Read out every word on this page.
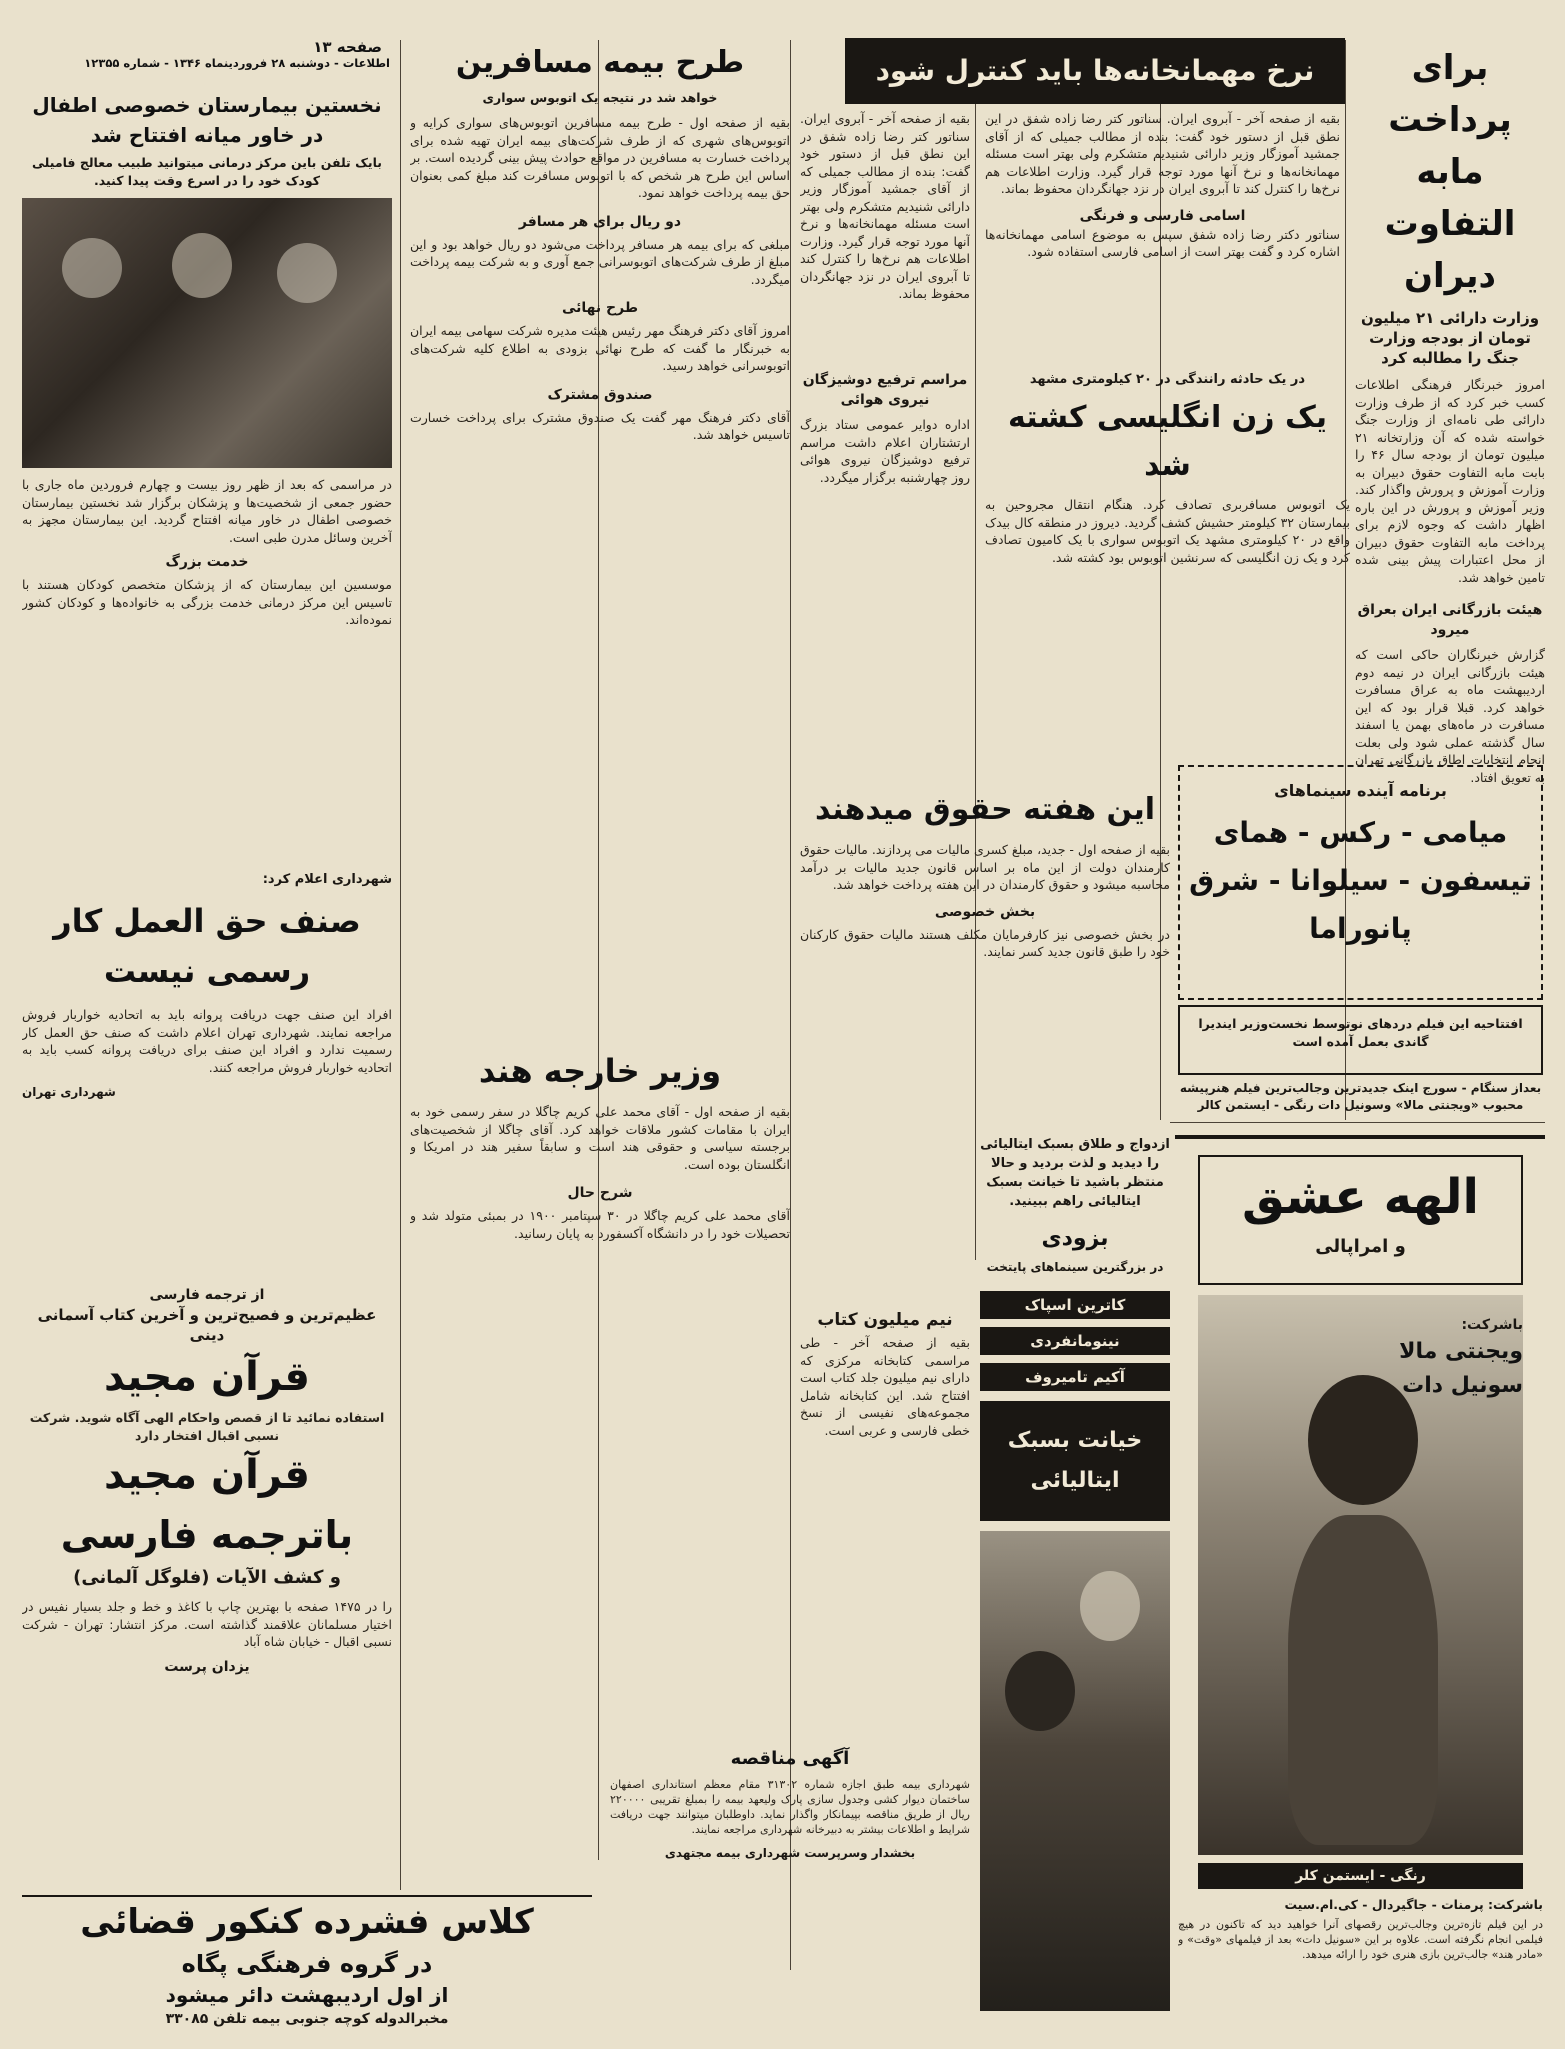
صفحه ۱۳
اطلاعات - دوشنبه ۲۸ فروردینماه ۱۳۴۶ - شماره ۱۲۳۵۵	برای پرداخت مابه التفاوت دیران
وزارت دارائی ۲۱ میلیون تومان از بودجه وزارت جنگ را مطالبه کرد
امروز خبرنگار فرهنگی اطلاعات کسب خبر کرد که از طرف وزارت دارائی طی نامه‌ای از وزارت جنگ خواسته شده که آن وزارتخانه ۲۱ میلیون تومان از بودجه سال ۴۶ را بابت مابه التفاوت حقوق دبیران به وزارت آموزش و پرورش واگذار کند. وزیر آموزش و پرورش در این باره اظهار داشت که وجوه لازم برای پرداخت مابه التفاوت حقوق دبیران از محل اعتبارات پیش بینی شده تامین خواهد شد.
هیئت بازرگانی ایران بعراق میرود
گزارش خبرنگاران حاکی است که هیئت بازرگانی ایران در نیمه دوم اردیبهشت ماه به عراق مسافرت خواهد کرد. قبلا قرار بود که این مسافرت در ماه‌های بهمن یا اسفند سال گذشته عملی شود ولی بعلت انجام انتخابات اطاق بازرگانی تهران به تعویق افتاد.
نرخ مهمانخانه‌ها باید کنترل شود
بقیه از صفحه آخر - آبروی ایران. سناتور کتر رضا زاده شفق در این نطق قبل از دستور خود گفت: بنده از مطالب جمیلی که از آقای جمشید آموزگار وزیر دارائی شنیدیم متشکرم ولی بهتر است مسئله مهمانخانه‌ها و نرخ آنها مورد توجه قرار گیرد. وزارت اطلاعات هم نرخ‌ها را کنترل کند تا آبروی ایران در نزد جهانگردان محفوظ بماند.
اسامی فارسی و فرنگی
سناتور دکتر رضا زاده شفق سپس به موضوع اسامی مهمانخانه‌ها اشاره کرد و گفت بهتر است از اسامی فارسی استفاده شود.
در یک حادثه رانندگی در ۲۰ کیلومتری مشهد
یک زن انگلیسی کشته شد
یک اتوبوس مسافربری تصادف کرد. هنگام انتقال مجروحین به بیمارستان ۳۲ کیلومتر حشیش کشف گردید. دیروز در منطقه کال بیدک واقع در ۲۰ کیلومتری مشهد یک اتوبوس سواری با یک کامیون تصادف کرد و یک زن انگلیسی که سرنشین اتوبوس بود کشته شد.
مراسم ترفیع دوشیزگان نیروی هوائی
اداره دوایر عمومی ستاد بزرگ ارتشتاران اعلام داشت مراسم ترفیع دوشیزگان نیروی هوائی روز چهارشنبه برگزار میگردد.
بقیه از صفحه آخر - آبروی ایران. سناتور کتر رضا زاده شفق در این نطق قبل از دستور خود گفت: بنده از مطالب جمیلی که از آقای جمشید آموزگار وزیر دارائی شنیدیم متشکرم ولی بهتر است مسئله مهمانخانه‌ها و نرخ آنها مورد توجه قرار گیرد. وزارت اطلاعات هم نرخ‌ها را کنترل کند تا آبروی ایران در نزد جهانگردان محفوظ بماند.
این هفته حقوق میدهند
بقیه از صفحه اول - جدید، مبلغ کسری مالیات می پردازند. مالیات حقوق کارمندان دولت از این ماه بر اساس قانون جدید مالیات بر درآمد محاسبه میشود و حقوق کارمندان در این هفته پرداخت خواهد شد.
بخش خصوصی
در بخش خصوصی نیز کارفرمایان مکلف هستند مالیات حقوق کارکنان خود را طبق قانون جدید کسر نمایند.
طرح بیمه مسافرین
خواهد شد در نتیجه یک اتوبوس سواری
بقیه از صفحه اول - طرح بیمه مسافرین اتوبوس‌های سواری کرایه و اتوبوس‌های شهری که از طرف شرکت‌های بیمه ایران تهیه شده برای پرداخت خسارت به مسافرین در مواقع حوادث پیش بینی گردیده است. بر اساس این طرح هر شخص که با اتوبوس مسافرت کند مبلغ کمی بعنوان حق بیمه پرداخت خواهد نمود.
دو ریال برای هر مسافر
مبلغی که برای بیمه هر مسافر پرداخت می‌شود دو ریال خواهد بود و این مبلغ از طرف شرکت‌های اتوبوسرانی جمع آوری و به شرکت بیمه پرداخت میگردد.
طرح نهائی
امروز آقای دکتر فرهنگ مهر رئیس هیئت مدیره شرکت سهامی بیمه ایران به خبرنگار ما گفت که طرح نهائی بزودی به اطلاع کلیه شرکت‌های اتوبوسرانی خواهد رسید.
صندوق مشترک
آقای دکتر فرهنگ مهر گفت یک صندوق مشترک برای پرداخت خسارت تاسیس خواهد شد.
وزیر خارجه هند
بقیه از صفحه اول - آقای محمد علی کریم چاگلا در سفر رسمی خود به ایران با مقامات کشور ملاقات خواهد کرد. آقای چاگلا از شخصیت‌های برجسته سیاسی و حقوقی هند است و سابقاً سفیر هند در امریکا و انگلستان بوده است.
شرح حال
آقای محمد علی کریم چاگلا در ۳۰ سپتامبر ۱۹۰۰ در بمبئی متولد شد و تحصیلات خود را در دانشگاه آکسفورد به پایان رسانید.
نیم میلیون کتاب
بقیه از صفحه آخر - طی مراسمی کتابخانه مرکزی که دارای نیم میلیون جلد کتاب است افتتاح شد. این کتابخانه شامل مجموعه‌های نفیسی از نسخ خطی فارسی و عربی است.
آگهی مناقصه
شهرداری بیمه طبق اجازه شماره ۳۱۳۰۲ مقام معظم استانداری اصفهان ساختمان دیوار کشی وجدول سازی پارک ولیعهد بیمه را بمبلغ تقریبی ۲۲۰۰۰۰ ریال از طریق مناقصه بپیمانکار واگذار نماید. داوطلبان میتوانند جهت دریافت شرایط و اطلاعات بیشتر به دبیرخانه شهرداری مراجعه نمایند.
بخشدار وسرپرست شهرداری بیمه مجتهدی
نخستین بیمارستان خصوصی اطفال در خاور میانه افتتاح شد
بایک تلفن باین مرکز درمانی میتوانید طبیب معالج فامیلی کودک خود را در اسرع وقت پیدا کنید.
در مراسمی که بعد از ظهر روز بیست و چهارم فروردین ماه جاری با حضور جمعی از شخصیت‌ها و پزشکان برگزار شد نخستین بیمارستان خصوصی اطفال در خاور میانه افتتاح گردید. این بیمارستان مجهز به آخرین وسائل مدرن طبی است.
خدمت بزرگ
موسسین این بیمارستان که از پزشکان متخصص کودکان هستند با تاسیس این مرکز درمانی خدمت بزرگی به خانواده‌ها و کودکان کشور نموده‌اند.
شهرداری اعلام کرد:
صنف حق العمل کار رسمی نیست
افراد این صنف جهت دریافت پروانه باید به اتحادیه خواربار فروش مراجعه نمایند. شهرداری تهران اعلام داشت که صنف حق العمل کار رسمیت ندارد و افراد این صنف برای دریافت پروانه کسب باید به اتحادیه خواربار فروش مراجعه کنند.
شهرداری تهران
از ترجمه فارسی
عظیم‌ترین و فصیح‌ترین و آخرین کتاب آسمانی دینی
قرآن مجید
استفاده نمائید تا از قصص واحکام الهی آگاه شوید. شرکت نسبی اقبال افتخار دارد
قرآن مجید
باترجمه فارسی
و کشف الآیات (فلوگل آلمانی)
را در ۱۴۷۵ صفحه با بهترین چاپ با کاغذ و خط و جلد بسیار نفیس در اختیار مسلمانان علاقمند گذاشته است. مرکز انتشار: تهران - شرکت نسبی اقبال - خیابان شاه آباد
یزدان پرست
کلاس فشرده کنکور قضائی
در گروه فرهنگی پگاه
از اول اردیبهشت دائر میشود
مخبرالدوله کوچه جنوبی بیمه تلفن ۳۳۰۸۵
برنامه آینده سینماهای
میامی - رکس - همای
تیسفون - سیلوانا - شرق
پانوراما
افتتاحیه این فیلم دردهای نوتوسط نخست‌وزیر ایندیرا گاندی بعمل آمده است
بعداز سنگام - سورج اینک جدیدترین وجالب‌ترین فیلم هنرپیشه محبوب «ویجنتی مالا» وسونیل دات رنگی - ایستمن کالر
الهه عشق
و امراپالی
باشرکت:
ویجنتی مالا
سونیل دات
رنگی - ایستمن کلر
باشرکت: پرمنات - جاگیردال - کی.ام.سیت
در این فیلم تازه‌ترین وجالب‌ترین رقصهای آنرا خواهید دید که تاکنون در هیچ فیلمی انجام نگرفته است. علاوه بر این «سونیل دات» بعد از فیلمهای «وقت» و «مادر هند» جالب‌ترین بازی هنری خود را ارائه میدهد.
ازدواج و طلاق بسبک ایتالیائی را دیدید و لذت بردید و حالا منتظر باشید تا خیانت بسبک ایتالیائی راهم ببینید.
بزودی
در بزرگترین سینماهای پایتخت
کاترین اسپاک
نینومانفردی
آکیم تامیروف
خیانت بسبک ایتالیائی
